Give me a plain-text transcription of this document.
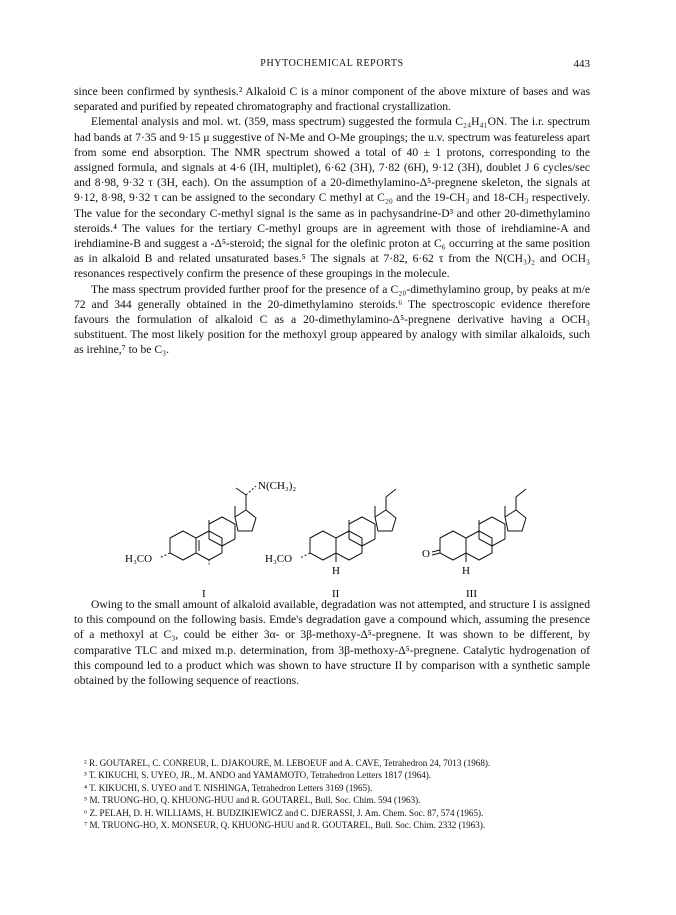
PHYTOCHEMICAL REPORTS	443

since been confirmed by synthesis.² Alkaloid C is a minor component of the above mixture of bases and was separated and purified by repeated chromatography and fractional crystallization.

Elemental analysis and mol. wt. (359, mass spectrum) suggested the formula C₂₄H₄₁ON. The i.r. spectrum had bands at 7·35 and 9·15 μ suggestive of N-Me and O-Me groupings; the u.v. spectrum was featureless apart from some end absorption. The NMR spectrum showed a total of 40 ± 1 protons, corresponding to the assigned formula, and signals at 4·6 (IH, multiplet), 6·62 (3H), 7·82 (6H), 9·12 (3H), doublet J 6 cycles/sec and 8·98, 9·32 τ (3H, each). On the assumption of a 20-dimethylamino-Δ⁵-pregnene skeleton, the signals at 9·12, 8·98, 9·32 τ can be assigned to the secondary C methyl at C₂₀ and the 19-CH₃ and 18-CH₃ respectively. The value for the secondary C-methyl signal is the same as in pachysandrine-D³ and other 20-dimethylamino steroids.⁴ The values for the tertiary C-methyl groups are in agreement with those of irehdiamine-A and irehdiamine-B and suggest a -Δ⁵-steroid; the signal for the olefinic proton at C₆ occurring at the same position as in alkaloid B and related unsaturated bases.⁵ The signals at 7·82, 6·62 τ from the N(CH₃)₂ and OCH₃ resonances respectively confirm the presence of these groupings in the molecule.

The mass spectrum provided further proof for the presence of a C₂₀-dimethylamino group, by peaks at m/e 72 and 344 generally obtained in the 20-dimethylamino steroids.⁶ The spectroscopic evidence therefore favours the formulation of alkaloid C as a 20-dimethylamino-Δ⁵-pregnene derivative having a OCH₃ substituent. The most likely position for the methoxyl group appeared by analogy with similar alkaloids, such as irehine,⁷ to be C₃.

N(CH₃)₂
H₃CO	H₃CO
H
O
H
I	II	III

Owing to the small amount of alkaloid available, degradation was not attempted, and structure I is assigned to this compound on the following basis. Emde's degradation gave a compound which, assuming the presence of a methoxyl at C₃, could be either 3α- or 3β-methoxy-Δ⁵-pregnene. It was shown to be different, by comparative TLC and mixed m.p. determination, from 3β-methoxy-Δ⁵-pregnene. Catalytic hydrogenation of this compound led to a product which was shown to have structure II by comparison with a synthetic sample obtained by the following sequence of reactions.

² R. GOUTAREL, C. CONREUR, L. DJAKOURE, M. LEBOEUF and A. CAVE, Tetrahedron 24, 7013 (1968).
³ T. KIKUCHI, S. UYEO, JR., M. ANDO and YAMAMOTO, Tetrahedron Letters 1817 (1964).
⁴ T. KIKUCHI, S. UYEO and T. NISHINGA, Tetrahedron Letters 3169 (1965).
⁵ M. TRUONG-HO, Q. KHUONG-HUU and R. GOUTAREL, Bull. Soc. Chim. 594 (1963).
⁶ Z. PELAH, D. H. WILLIAMS, H. BUDZIKIEWICZ and C. DJERASSI, J. Am. Chem. Soc. 87, 574 (1965).
⁷ M. TRUONG-HO, X. MONSEUR, Q. KHUONG-HUU and R. GOUTAREL, Bull. Soc. Chim. 2332 (1963).
